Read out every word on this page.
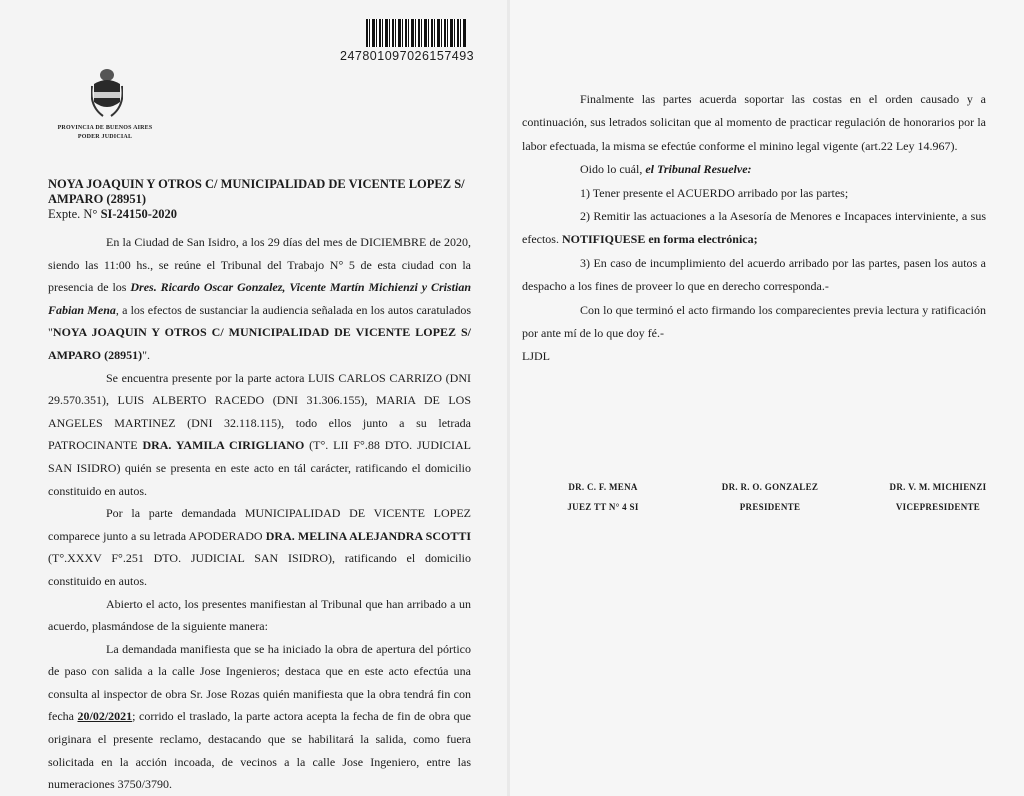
247801097026157493
PROVINCIA DE BUENOS AIRES
PODER JUDICIAL
NOYA JOAQUIN Y OTROS C/ MUNICIPALIDAD DE VICENTE LOPEZ S/ AMPARO (28951)
Expte. N° SI-24150-2020

En la Ciudad de San Isidro, a los 29 días del mes de DICIEMBRE de 2020, siendo las 11:00 hs., se reúne el Tribunal del Trabajo N° 5 de esta ciudad con la presencia de los Dres. Ricardo Oscar Gonzalez, Vicente Martín Michienzi y Cristian Fabian Mena, a los efectos de sustanciar la audiencia señalada en los autos caratulados "NOYA JOAQUIN Y OTROS C/ MUNICIPALIDAD DE VICENTE LOPEZ S/ AMPARO (28951)".

Se encuentra presente por la parte actora LUIS CARLOS CARRIZO (DNI 29.570.351), LUIS ALBERTO RACEDO (DNI 31.306.155), MARIA DE LOS ANGELES MARTINEZ (DNI 32.118.115), todo ellos junto a su letrada PATROCINANTE DRA. YAMILA CIRIGLIANO (T°. LII F°.88 DTO. JUDICIAL SAN ISIDRO) quién se presenta en este acto en tál carácter, ratificando el domicilio constituido en autos.

Por la parte demandada MUNICIPALIDAD DE VICENTE LOPEZ comparece junto a su letrada APODERADO DRA. MELINA ALEJANDRA SCOTTI (T°.XXXV F°.251 DTO. JUDICIAL SAN ISIDRO), ratificando el domicilio constituido en autos.

Abierto el acto, los presentes manifiestan al Tribunal que han arribado a un acuerdo, plasmándose de la siguiente manera:

La demandada manifiesta que se ha iniciado la obra de apertura del pórtico de paso con salida a la calle Jose Ingenieros; destaca que en este acto efectúa una consulta al inspector de obra Sr. Jose Rozas quién manifiesta que la obra tendrá fin con fecha 20/02/2021; corrido el traslado, la parte actora acepta la fecha de fin de obra que originara el presente reclamo, destacando que se habilitará la salida, como fuera solicitada en la acción incoada, de vecinos a la calle Jose Ingeniero, entre las numeraciones 3750/3790.

Finalmente las partes acuerda soportar las costas en el orden causado y a continuación, sus letrados solicitan que al momento de practicar regulación de honorarios por la labor efectuada, la misma se efectúe conforme el minino legal vigente (art.22 Ley 14.967).

Oido lo cuál, el Tribunal Resuelve:

1) Tener presente el ACUERDO arribado por las partes;

2) Remitir las actuaciones a la Asesoría de Menores e Incapaces interviniente, a sus efectos. NOTIFIQUESE en forma electrónica;

3) En caso de incumplimiento del acuerdo arribado por las partes, pasen los autos a despacho a los fines de proveer lo que en derecho corresponda.-

Con lo que terminó el acto firmando los comparecientes previa lectura y ratificación por ante mí de lo que doy fé.-

LJDL

DR. C. F. MENA
JUEZ TT N° 4 SI
DR. R. O. GONZALEZ
PRESIDENTE
DR. V. M. MICHIENZI
VICEPRESIDENTE
